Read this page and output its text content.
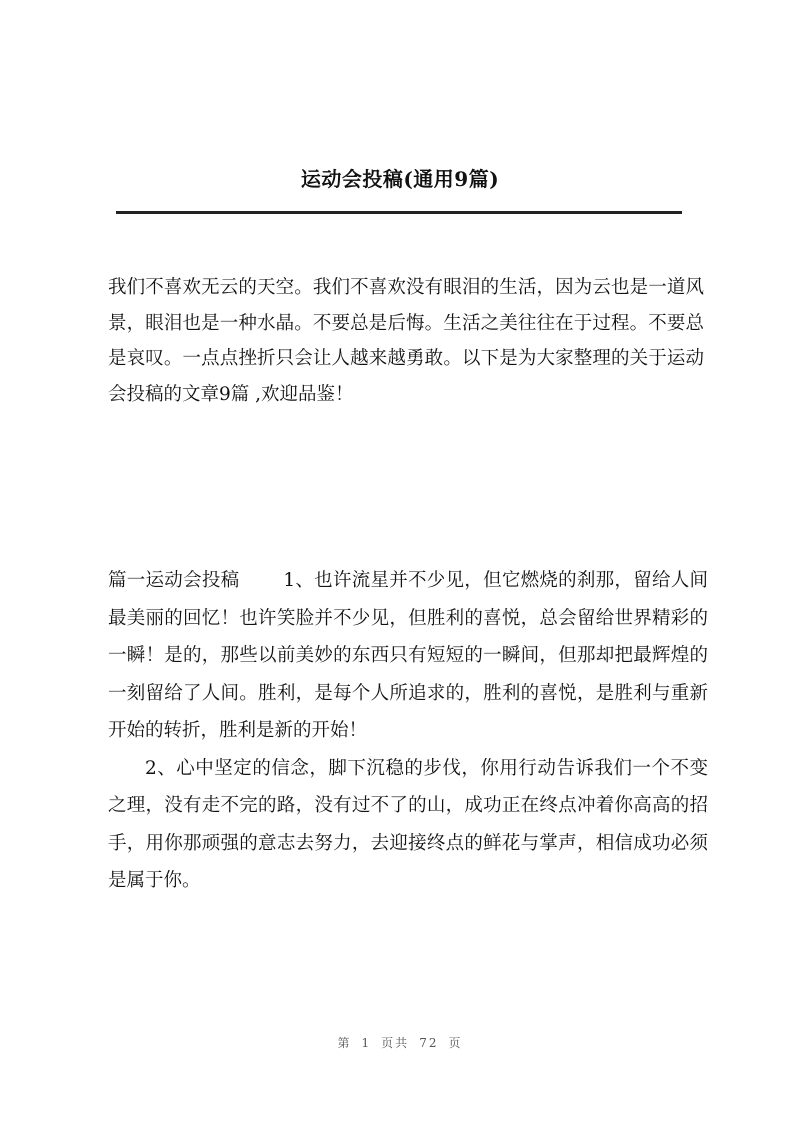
运动会投稿(通用9篇)

我们不喜欢无云的天空。我们不喜欢没有眼泪的生活，因为云也是一道风景，眼泪也是一种水晶。不要总是后悔。生活之美往往在于过程。不要总是哀叹。一点点挫折只会让人越来越勇敢。以下是为大家整理的关于运动会投稿的文章9篇 ,欢迎品鉴！

篇一运动会投稿 1、也许流星并不少见，但它燃烧的刹那，留给人间最美丽的回忆！也许笑脸并不少见，但胜利的喜悦，总会留给世界精彩的一瞬！是的，那些以前美妙的东西只有短短的一瞬间，但那却把最辉煌的一刻留给了人间。胜利，是每个人所追求的，胜利的喜悦，是胜利与重新开始的转折，胜利是新的开始！

2、心中坚定的信念，脚下沉稳的步伐，你用行动告诉我们一个不变之理，没有走不完的路，没有过不了的山，成功正在终点冲着你高高的招手，用你那顽强的意志去努力，去迎接终点的鲜花与掌声，相信成功必须是属于你。

第 1 页共 72 页
